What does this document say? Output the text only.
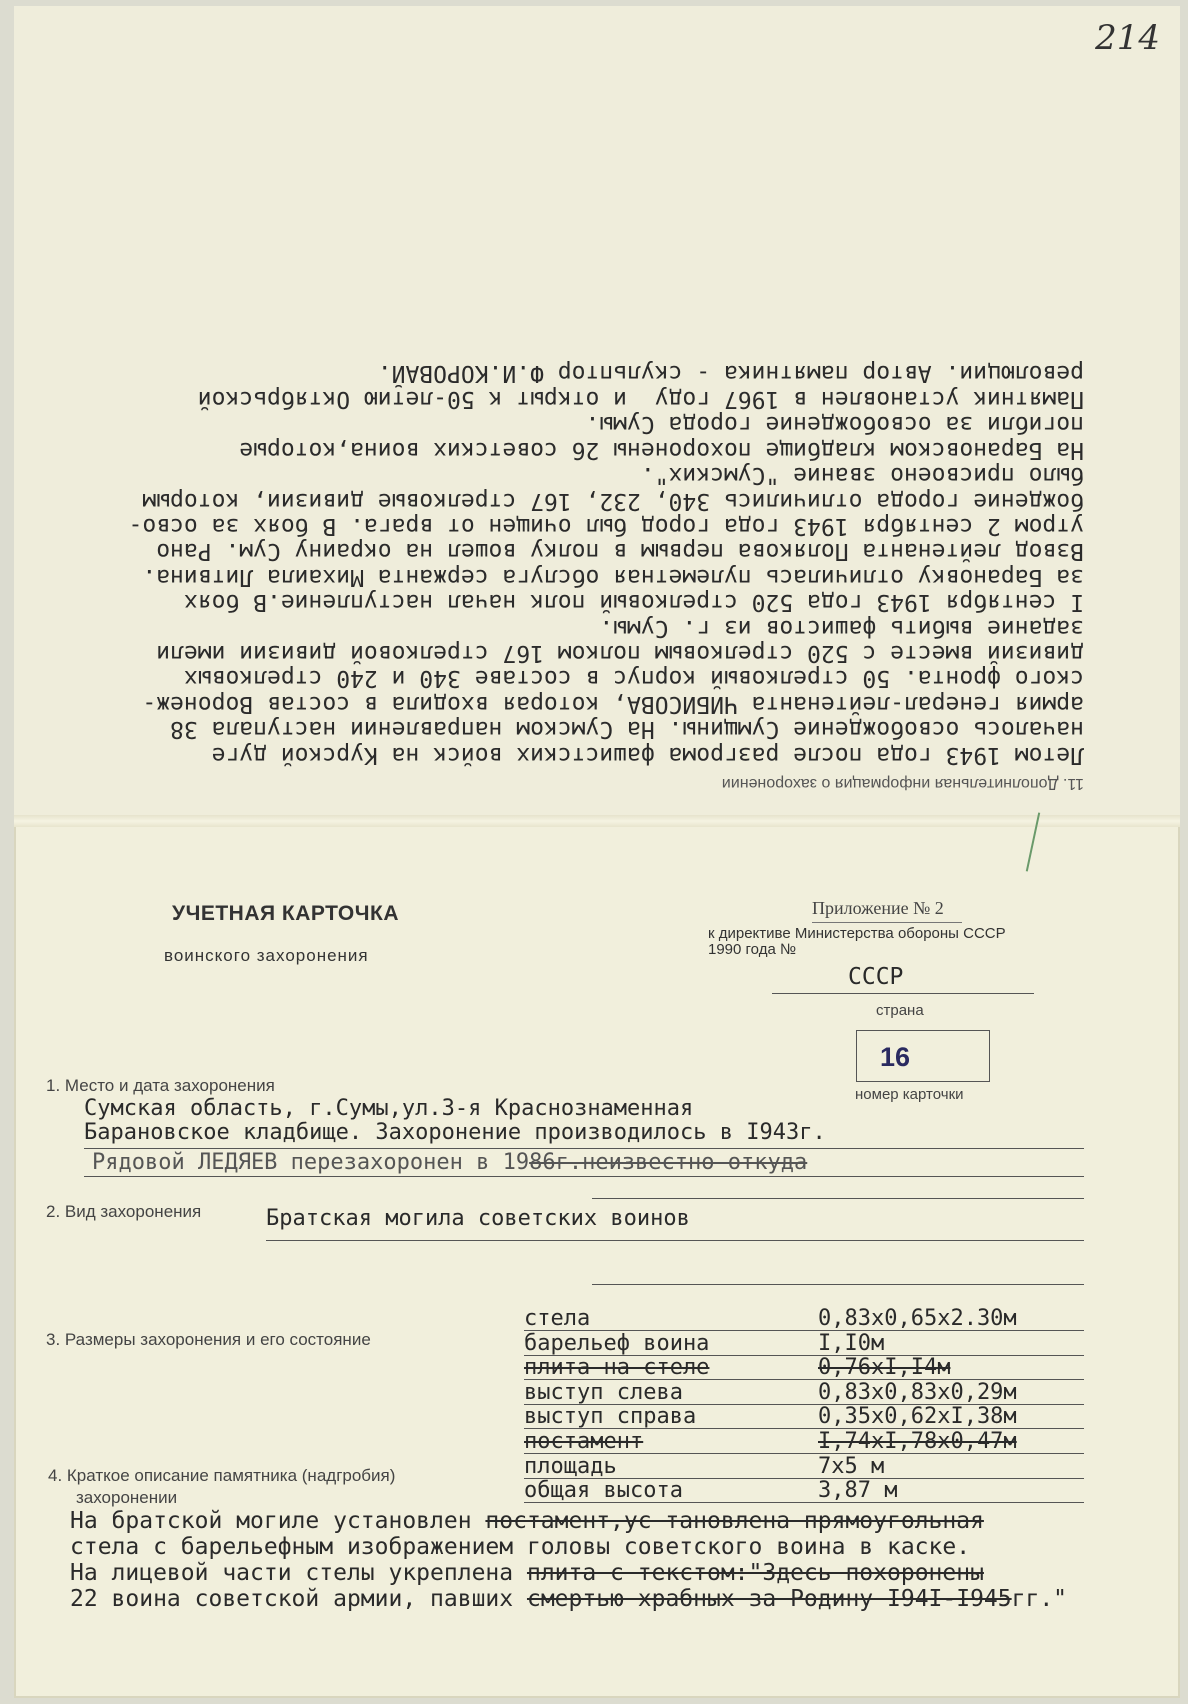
214
11. Дополнительная информация о захоронении

Летом 1943 года после разгрома фашистских войск на Курской дуге

началось освобождение Сумщины. На Сумском направлении наступала 38

армия генерал-лейтенанта ЧИБИСОВА, которая входила в состав Воронеж-

ского фронта. 50 стрелковый корпус в составе 340 и 240 стрелковых

дивизий вместе с 520 стрелковым полком 167 стрелковой дивизии имели

задание выбить фашистов из г. Сумы.

I сентября 1943 года 520 стрелковый полк начал наступление.В боях

за Барановку отличилась пулеметная обслуга сержанта Михаила Литвина.

Взвод лейтенанта Полякова первым в полку вошел на окраину Сум. Рано

утром 2 сентября 1943 года город был очищен от врага. В боях за осво-

бождение города отличились 340, 232, 167 стрелковые дивизии, которым

было присвоено звание "Сумских".

На Барановском кладбище похоронены 26 советских воина,которые

погибли за освобождение города Сумы.

Памятник установлен в 1967 году  и открыт к 50-летию Октябрьской

революции. Автор памятника - скульптор Ф.И.КОРОВАЙ.

УЧЕТНАЯ КАРТОЧКА
воинского захоронения
Приложение № 2
к директиве Министерства обороны СССР
1990 года №
СССР
страна
16
номер карточки
1. Место и дата захоронения
Сумская область, г.Сумы,ул.3-я Краснознаменная
Барановское кладбище. Захоронение производилось в I943г.
Рядовой ЛЕДЯЕВ перезахоронен в 1986г.неизвестно откуда
2. Вид захоронения	Братская могила советских воинов
3. Размеры захоронения и его состояние
стела	0,83x0,65x2.30м
барельеф воина	I,I0м
плита на стеле	0,76xI,I4м
выступ слева	0,83x0,83x0,29м
выступ справа	0,35x0,62xI,38м
постамент	I,74xI,78x0,47м
площадь	7x5 м
общая высота	3,87 м
4. Краткое описание памятника (надгробия)
захоронении
На братской могиле установлен постамент,ус тановлена прямоугольная
стела с барельефным изображением головы советского воина в каске.
На лицевой части стелы укреплена плита с текстом:"Здесь похоронены
22 воина советской армии, павших смертью храбных за Родину I94I-I945гг."
